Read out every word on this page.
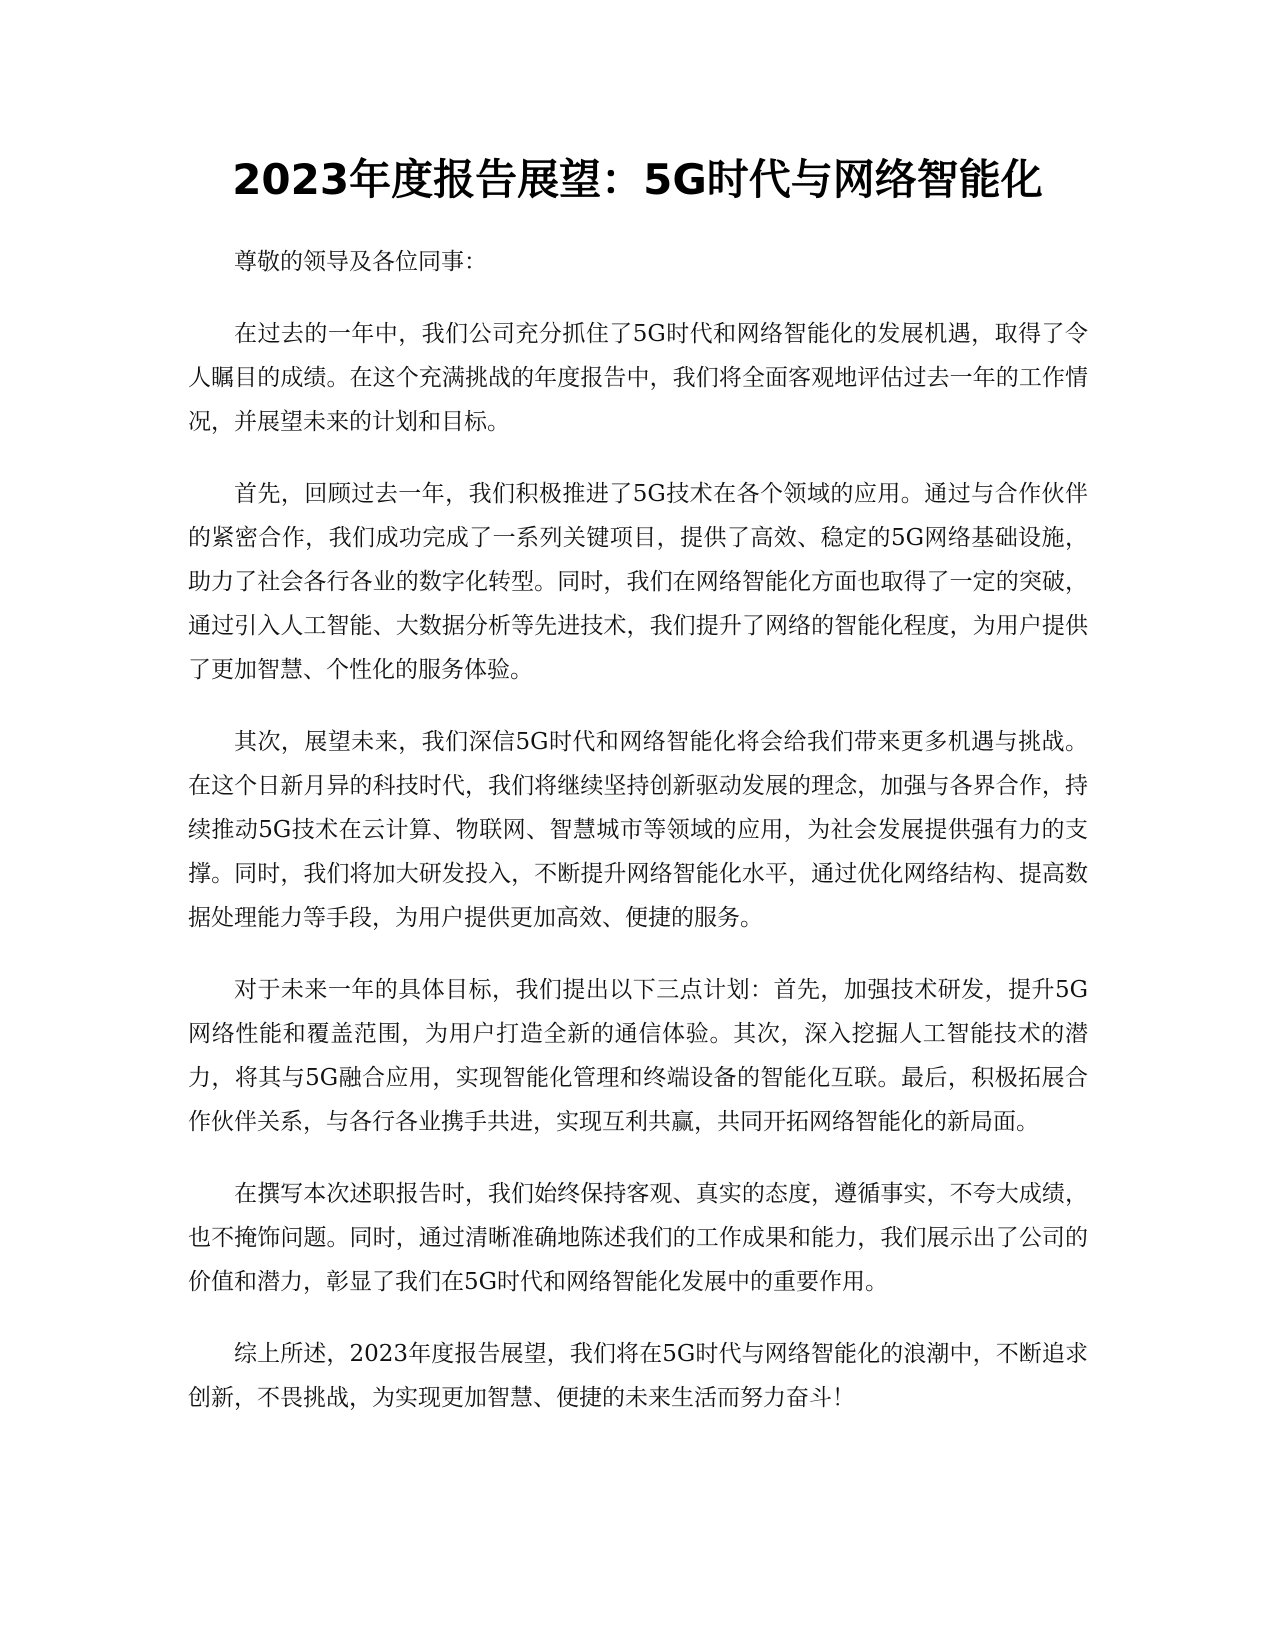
2023年度报告展望：5G时代与网络智能化

尊敬的领导及各位同事：

在过去的一年中，我们公司充分抓住了5G时代和网络智能化的发展机遇，取得了令人瞩目的成绩。在这个充满挑战的年度报告中，我们将全面客观地评估过去一年的工作情况，并展望未来的计划和目标。

首先，回顾过去一年，我们积极推进了5G技术在各个领域的应用。通过与合作伙伴的紧密合作，我们成功完成了一系列关键项目，提供了高效、稳定的5G网络基础设施，助力了社会各行各业的数字化转型。同时，我们在网络智能化方面也取得了一定的突破，通过引入人工智能、大数据分析等先进技术，我们提升了网络的智能化程度，为用户提供了更加智慧、个性化的服务体验。

其次，展望未来，我们深信5G时代和网络智能化将会给我们带来更多机遇与挑战。在这个日新月异的科技时代，我们将继续坚持创新驱动发展的理念，加强与各界合作，持续推动5G技术在云计算、物联网、智慧城市等领域的应用，为社会发展提供强有力的支撑。同时，我们将加大研发投入，不断提升网络智能化水平，通过优化网络结构、提高数据处理能力等手段，为用户提供更加高效、便捷的服务。

对于未来一年的具体目标，我们提出以下三点计划：首先，加强技术研发，提升5G网络性能和覆盖范围，为用户打造全新的通信体验。其次，深入挖掘人工智能技术的潜力，将其与5G融合应用，实现智能化管理和终端设备的智能化互联。最后，积极拓展合作伙伴关系，与各行各业携手共进，实现互利共赢，共同开拓网络智能化的新局面。

在撰写本次述职报告时，我们始终保持客观、真实的态度，遵循事实，不夸大成绩，也不掩饰问题。同时，通过清晰准确地陈述我们的工作成果和能力，我们展示出了公司的价值和潜力，彰显了我们在5G时代和网络智能化发展中的重要作用。

综上所述，2023年度报告展望，我们将在5G时代与网络智能化的浪潮中，不断追求创新，不畏挑战，为实现更加智慧、便捷的未来生活而努力奋斗！
